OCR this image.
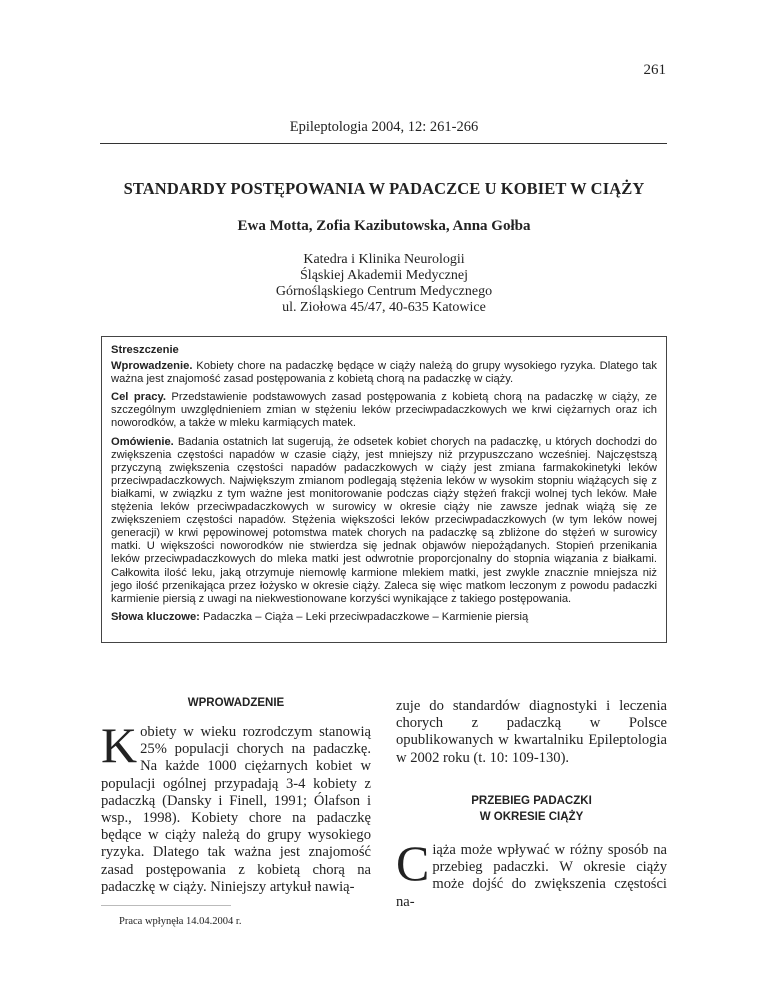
261
Epileptologia 2004, 12: 261-266
STANDARDY POSTĘPOWANIA W PADACZCE U KOBIET W CIĄŻY
Ewa Motta, Zofia Kazibutowska, Anna Gołba
Katedra i Klinika Neurologii
Śląskiej Akademii Medycznej
Górnośląskiego Centrum Medycznego
ul. Ziołowa 45/47, 40-635 Katowice

Streszczenie

Wprowadzenie. Kobiety chore na padaczkę będące w ciąży należą do grupy wysokiego ryzyka. Dlatego tak ważna jest znajomość zasad postępowania z kobietą chorą na padaczkę w ciąży.

Cel pracy. Przedstawienie podstawowych zasad postępowania z kobietą chorą na padaczkę w ciąży, ze szczególnym uwzględnieniem zmian w stężeniu leków przeciwpadaczkowych we krwi ciężarnych oraz ich noworodków, a także w mleku karmiących matek.

Omówienie. Badania ostatnich lat sugerują, że odsetek kobiet chorych na padaczkę, u których dochodzi do zwiększenia częstości napadów w czasie ciąży, jest mniejszy niż przypuszczano wcześniej. Najczęstszą przyczyną zwiększenia częstości napadów padaczkowych w ciąży jest zmiana farmakokinetyki leków przeciwpadaczkowych. Największym zmianom podlegają stężenia leków w wysokim stopniu wiążących się z białkami, w związku z tym ważne jest monitorowanie podczas ciąży stężeń frakcji wolnej tych leków. Małe stężenia leków przeciwpadaczkowych w surowicy w okresie ciąży nie zawsze jednak wiążą się ze zwiększeniem częstości napadów. Stężenia większości leków przeciwpadaczkowych (w tym leków nowej generacji) w krwi pępowinowej potomstwa matek chorych na padaczkę są zbliżone do stężeń w surowicy matki. U większości noworodków nie stwierdza się jednak objawów niepożądanych. Stopień przenikania leków przeciwpadaczkowych do mleka matki jest odwrotnie proporcjonalny do stopnia wiązania z białkami. Całkowita ilość leku, jaką otrzymuje niemowlę karmione mlekiem matki, jest zwykle znacznie mniejsza niż jego ilość przenikająca przez łożysko w okresie ciąży. Zaleca się więc matkom leczonym z powodu padaczki karmienie piersią z uwagi na niekwestionowane korzyści wynikające z takiego postępowania.

Słowa kluczowe: Padaczka – Ciąża – Leki przeciwpadaczkowe – Karmienie piersią

WPROWADZENIE
Kobiety w wieku rozrodczym stanowią 25% populacji chorych na padaczkę. Na każde 1000 ciężarnych kobiet w populacji ogólnej przypadają 3-4 kobiety z padaczką (Dansky i Finell, 1991; Ólafson i wsp., 1998). Kobiety chore na padaczkę będące w ciąży należą do grupy wysokiego ryzyka. Dlatego tak ważna jest znajomość zasad postępowania z kobietą chorą na padaczkę w ciąży. Niniejszy artykuł nawią-
zuje do standardów diagnostyki i leczenia chorych z padaczką w Polsce opublikowanych w kwartalniku Epileptologia w 2002 roku (t. 10: 109-130).
PRZEBIEG PADACZKI
W OKRESIE CIĄŻY
Ciąża może wpływać w różny sposób na przebieg padaczki. W okresie ciąży może dojść do zwiększenia częstości na-
Praca wpłynęła 14.04.2004 r.
